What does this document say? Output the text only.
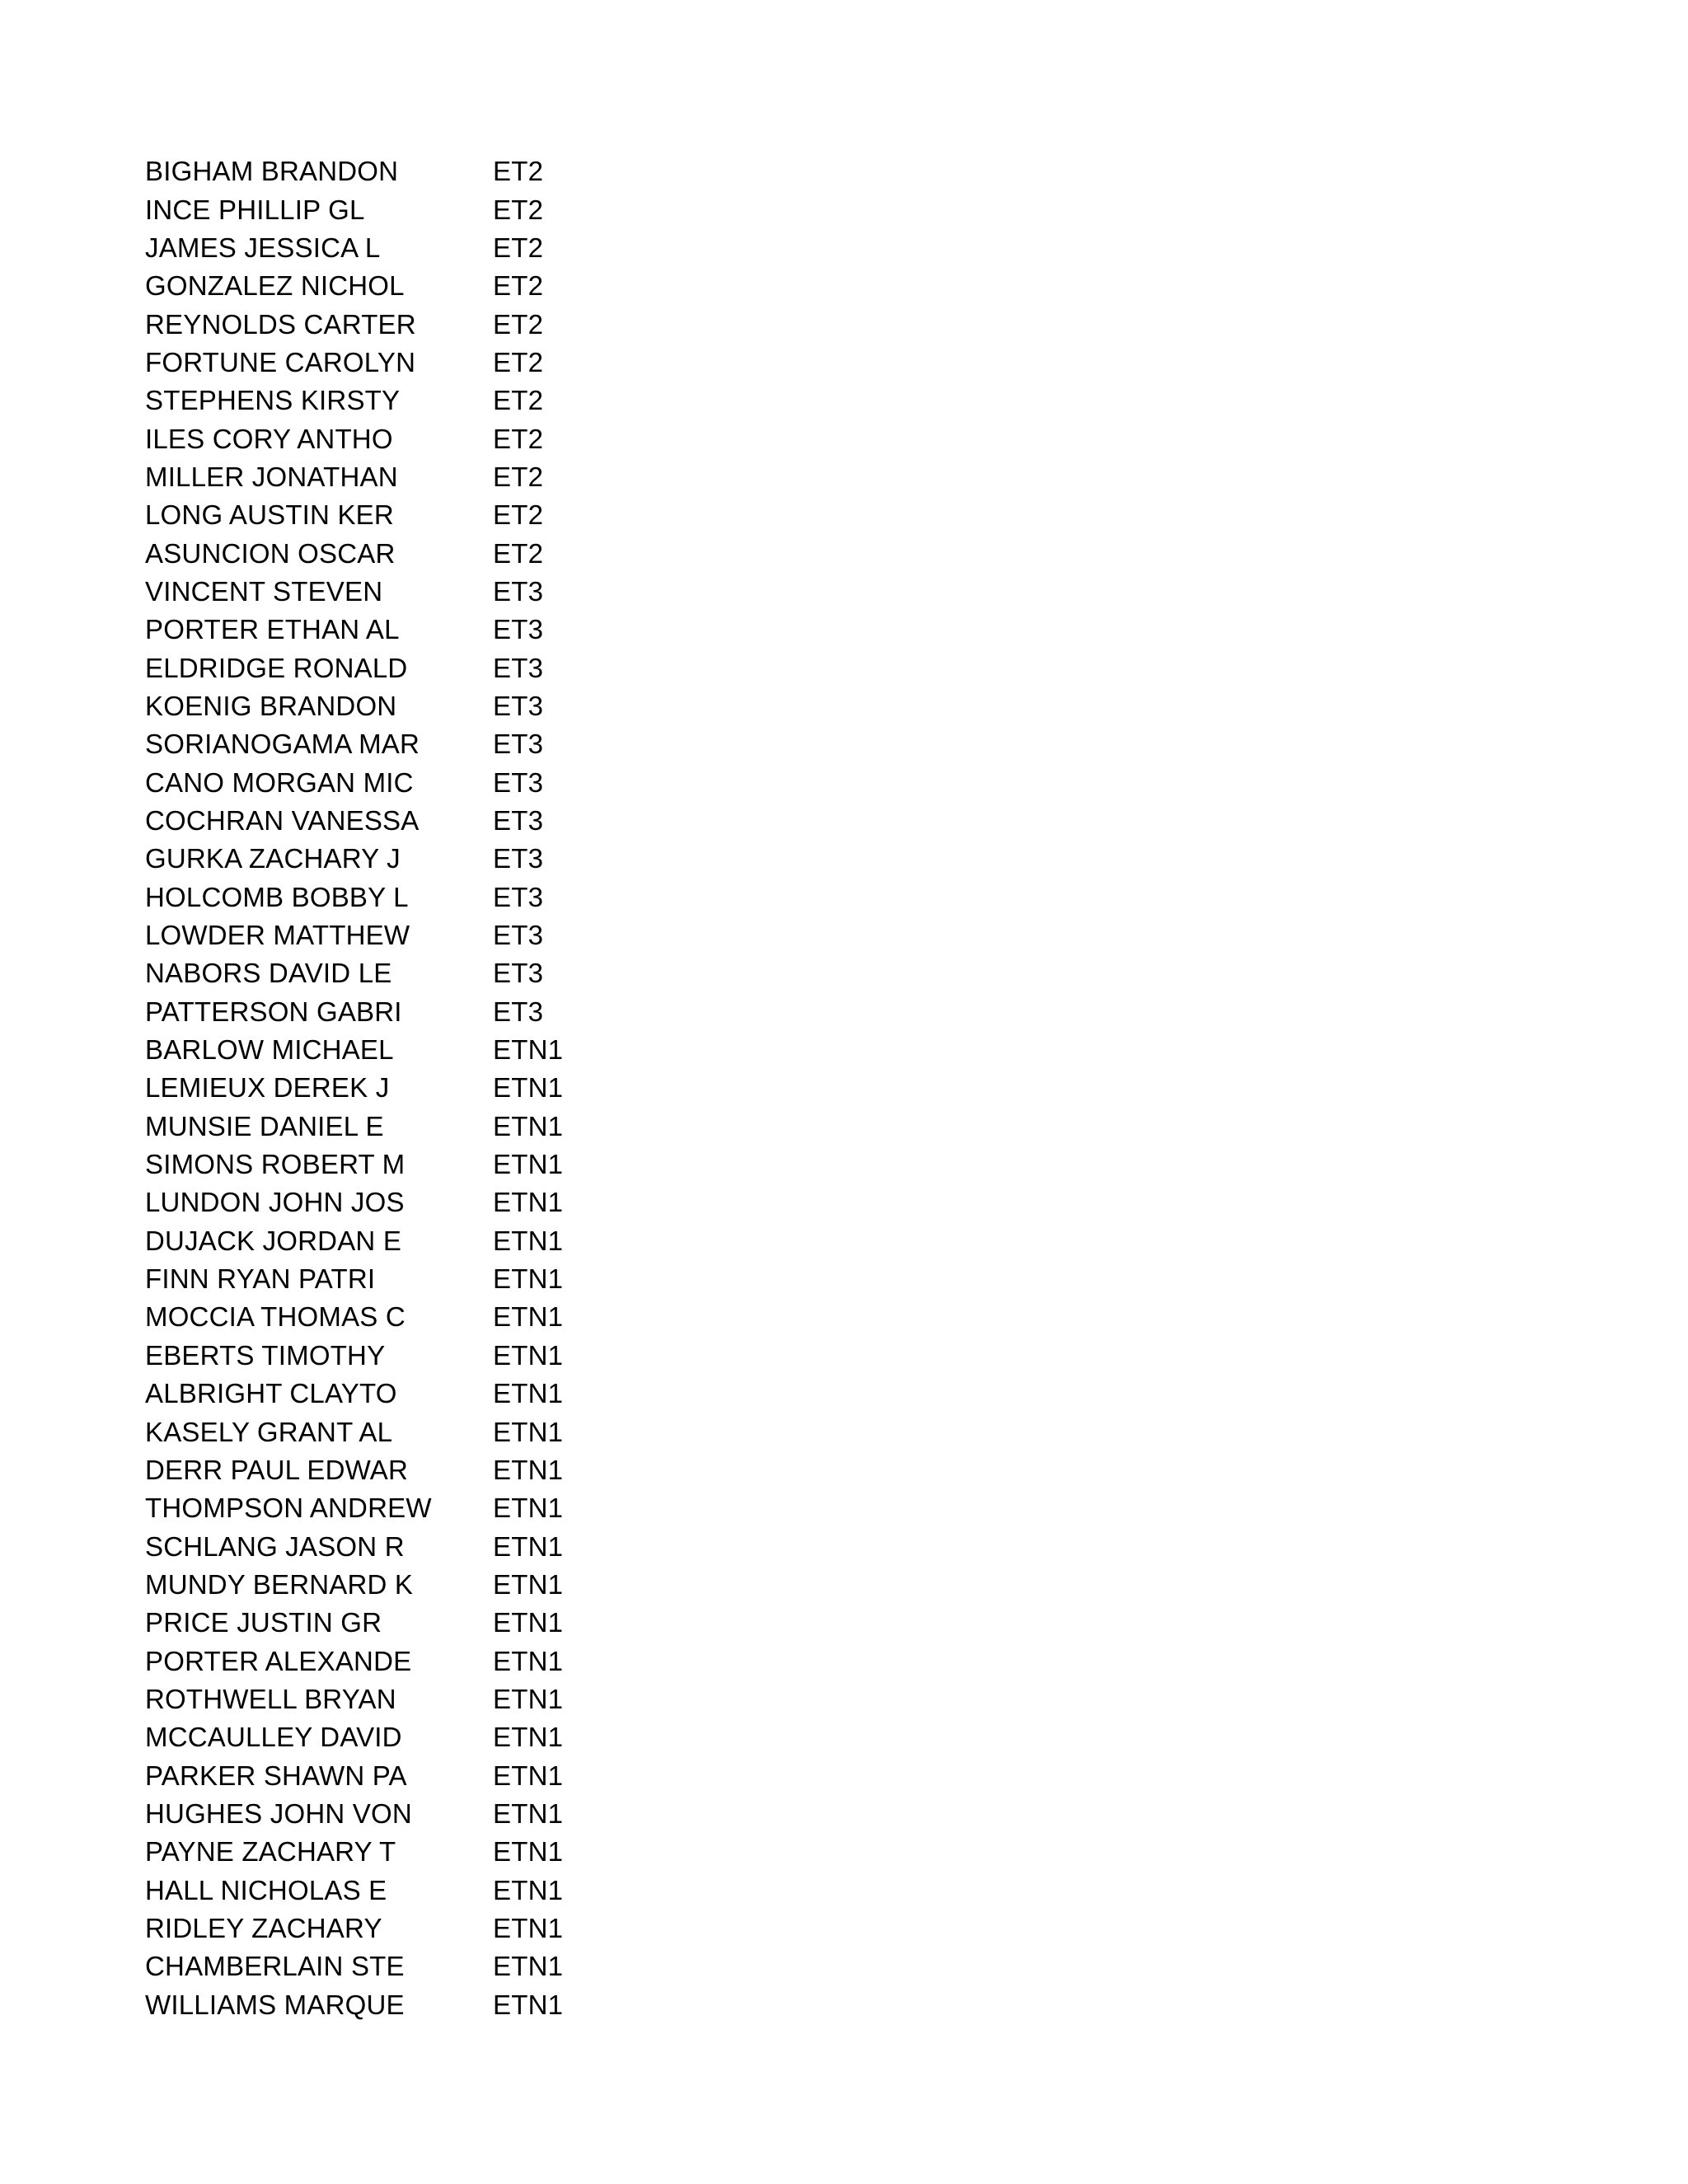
BIGHAM BRANDON	ET2
INCE PHILLIP GL	ET2
JAMES JESSICA L	ET2
GONZALEZ NICHOL	ET2
REYNOLDS CARTER	ET2
FORTUNE CAROLYN	ET2
STEPHENS KIRSTY	ET2
ILES CORY ANTHO	ET2
MILLER JONATHAN	ET2
LONG AUSTIN KER	ET2
ASUNCION OSCAR	ET2
VINCENT STEVEN	ET3
PORTER ETHAN AL	ET3
ELDRIDGE RONALD	ET3
KOENIG BRANDON	ET3
SORIANOGAMA MAR	ET3
CANO MORGAN MIC	ET3
COCHRAN VANESSA	ET3
GURKA ZACHARY J	ET3
HOLCOMB BOBBY L	ET3
LOWDER MATTHEW	ET3
NABORS DAVID LE	ET3
PATTERSON GABRI	ET3
BARLOW MICHAEL	ETN1
LEMIEUX DEREK J	ETN1
MUNSIE DANIEL E	ETN1
SIMONS ROBERT M	ETN1
LUNDON JOHN JOS	ETN1
DUJACK JORDAN E	ETN1
FINN RYAN PATRI	ETN1
MOCCIA THOMAS C	ETN1
EBERTS TIMOTHY	ETN1
ALBRIGHT CLAYTO	ETN1
KASELY GRANT AL	ETN1
DERR PAUL EDWAR	ETN1
THOMPSON ANDREW	ETN1
SCHLANG JASON R	ETN1
MUNDY BERNARD K	ETN1
PRICE JUSTIN GR	ETN1
PORTER ALEXANDE	ETN1
ROTHWELL BRYAN	ETN1
MCCAULLEY DAVID	ETN1
PARKER SHAWN PA	ETN1
HUGHES JOHN VON	ETN1
PAYNE ZACHARY T	ETN1
HALL NICHOLAS E	ETN1
RIDLEY ZACHARY	ETN1
CHAMBERLAIN STE	ETN1
WILLIAMS MARQUE	ETN1
